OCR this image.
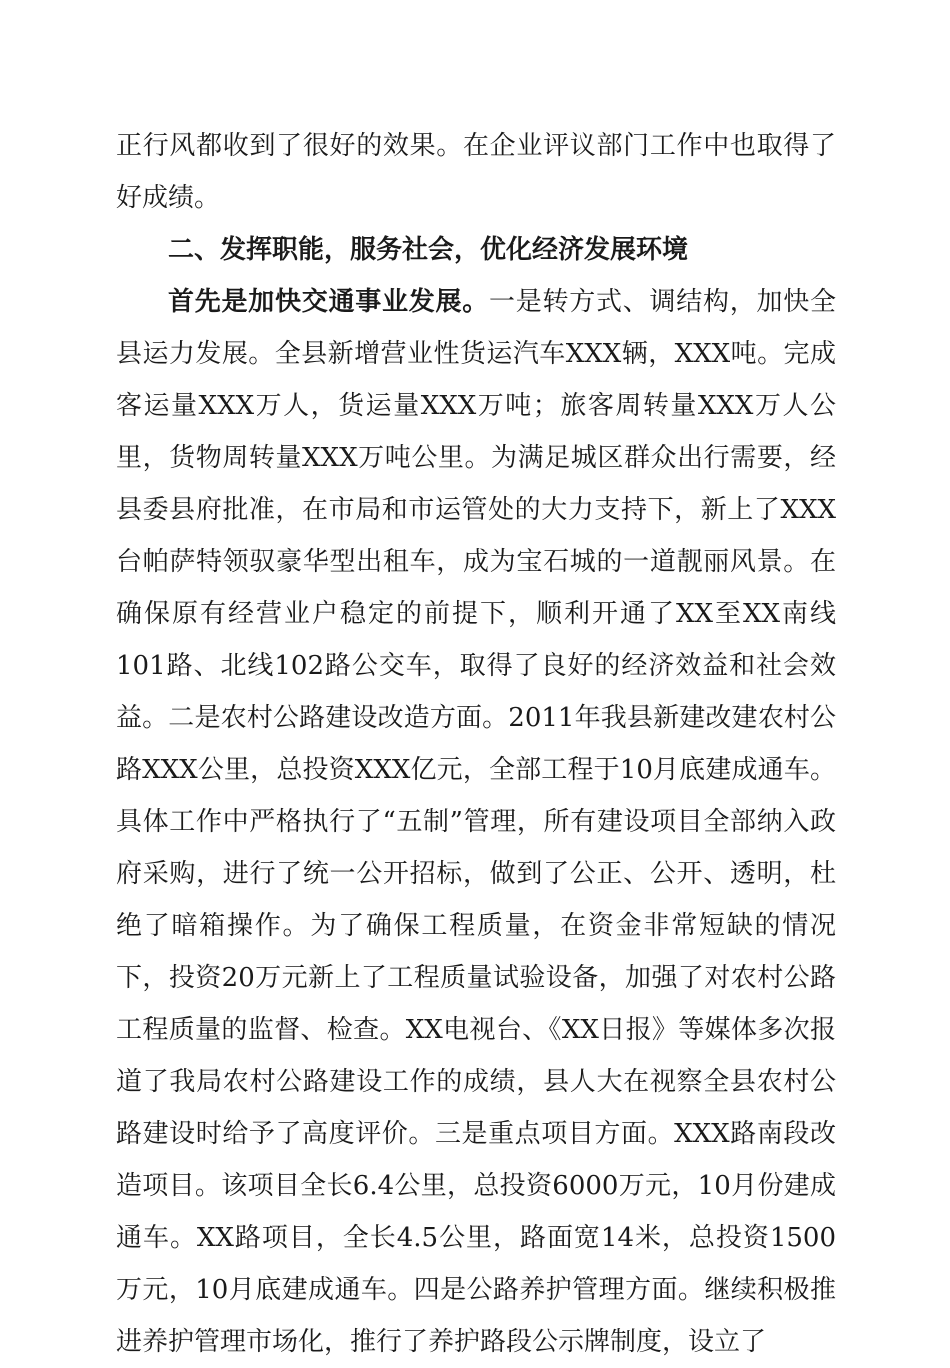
正行风都收到了很好的效果。在企业评议部门工作中也取得了好成绩。

二、发挥职能，服务社会，优化经济发展环境

首先是加快交通事业发展。一是转方式、调结构，加快全县运力发展。全县新增营业性货运汽车XXX辆，XXX吨。完成客运量XXX万人，货运量XXX万吨；旅客周转量XXX万人公里，货物周转量XXX万吨公里。为满足城区群众出行需要，经县委县府批准，在市局和市运管处的大力支持下，新上了XXX台帕萨特领驭豪华型出租车，成为宝石城的一道靓丽风景。在确保原有经营业户稳定的前提下，顺利开通了XX至XX南线101路、北线102路公交车，取得了良好的经济效益和社会效益。二是农村公路建设改造方面。2011年我县新建改建农村公路XXX公里，总投资XXX亿元，全部工程于10月底建成通车。具体工作中严格执行了“五制”管理，所有建设项目全部纳入政府采购，进行了统一公开招标，做到了公正、公开、透明，杜绝了暗箱操作。为了确保工程质量，在资金非常短缺的情况下，投资20万元新上了工程质量试验设备，加强了对农村公路工程质量的监督、检查。XX电视台、《XX日报》等媒体多次报道了我局农村公路建设工作的成绩，县人大在视察全县农村公路建设时给予了高度评价。三是重点项目方面。XXX路南段改造项目。该项目全长6.4公里，总投资6000万元，10月份建成通车。XX路项目，全长4.5公里，路面宽14米，总投资1500万元，10月底建成通车。四是公路养护管理方面。继续积极推进养护管理市场化，推行了养护路段公示牌制度，设立了
